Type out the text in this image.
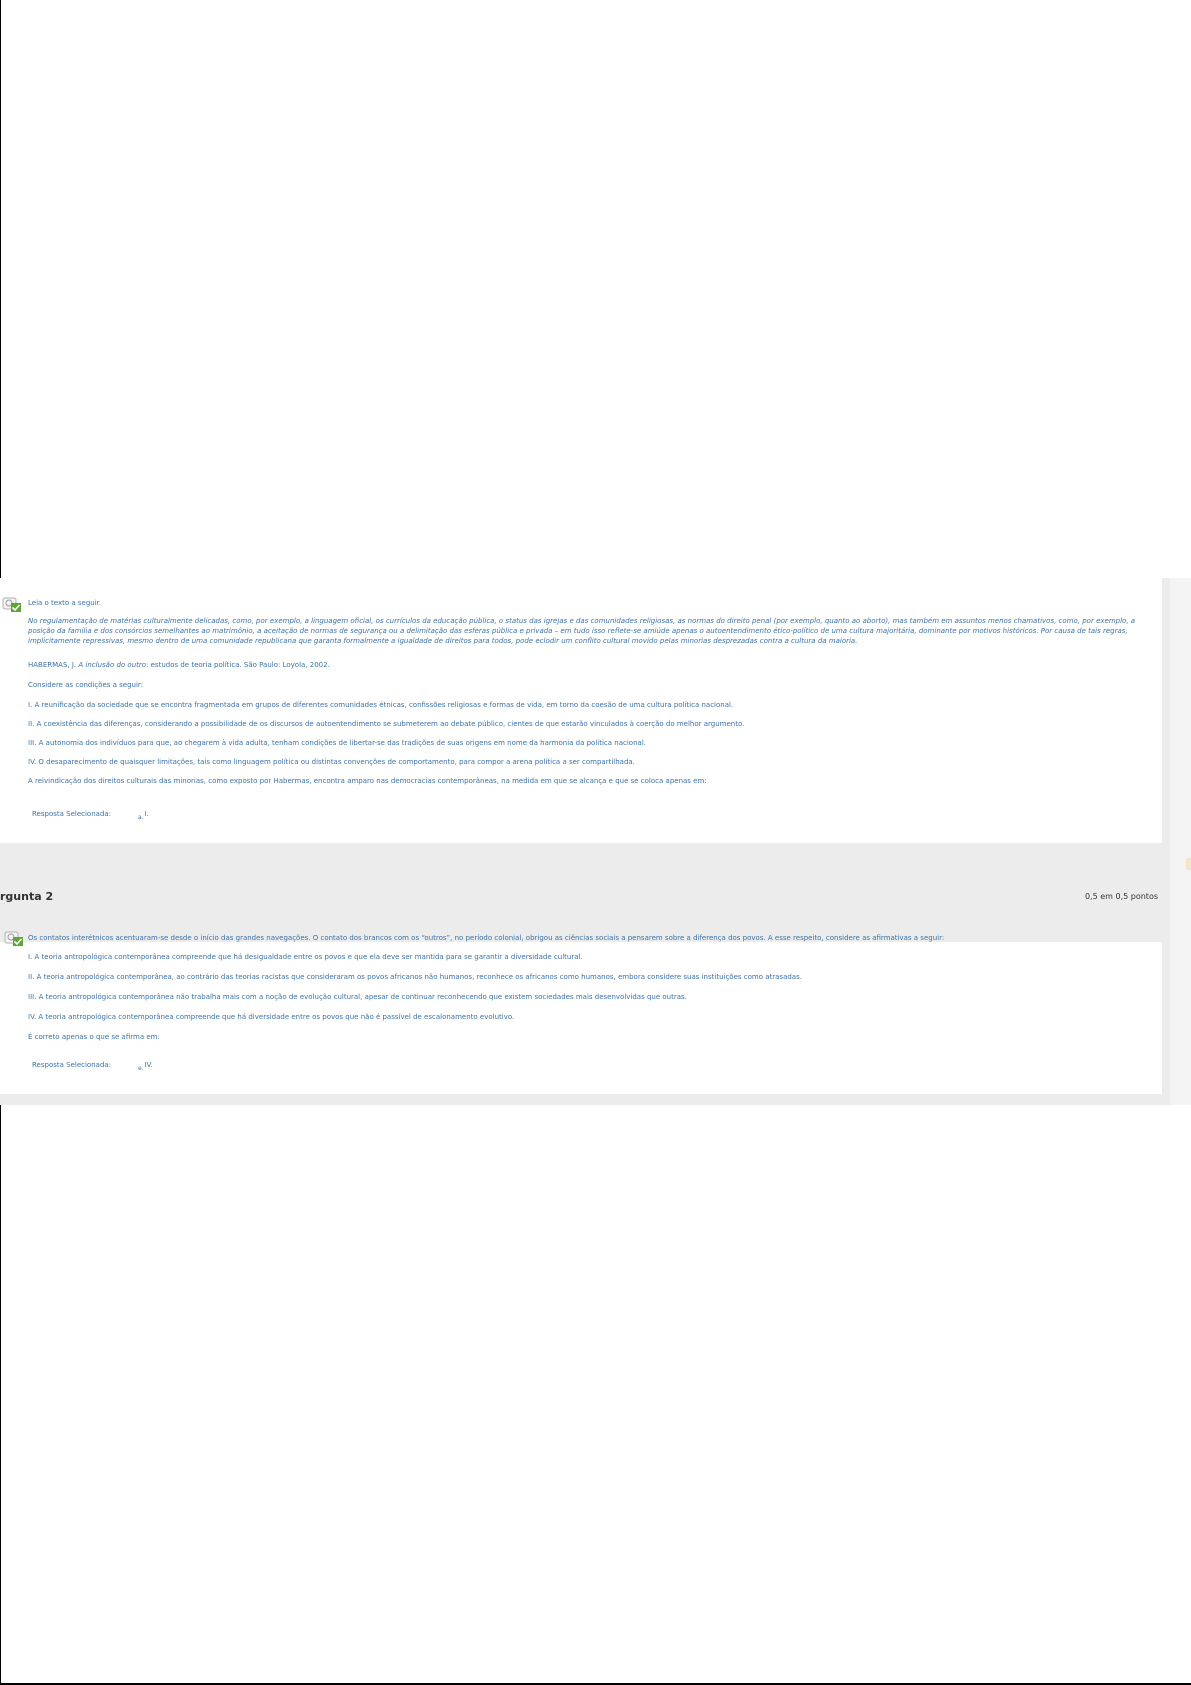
Leia o texto a seguir.

No regulamentação de matérias culturalmente delicadas, como, por exemplo, a linguagem oficial, os currículos da educação pública, o status das igrejas e das comunidades religiosas, as normas do direito penal (por exemplo, quanto ao aborto), mas também em assuntos menos chamativos, como, por exemplo, a posição da família e dos consórcios semelhantes ao matrimônio, a aceitação de normas de segurança ou a delimitação das esferas pública e privada – em tudo isso reflete-se amiúde apenas o autoentendimento ético-político de uma cultura majoritária, dominante por motivos históricos. Por causa de tais regras, implicitamente repressivas, mesmo dentro de uma comunidade republicana que garanta formalmente a igualdade de direitos para todos, pode eclodir um conflito cultural movido pelas minorias desprezadas contra a cultura da maioria.

HABERMAS, J. A inclusão do outro: estudos de teoria política. São Paulo: Loyola, 2002.

Considere as condições a seguir:

I. A reunificação da sociedade que se encontra fragmentada em grupos de diferentes comunidades étnicas, confissões religiosas e formas de vida, em torno da coesão de uma cultura política nacional.

II. A coexistência das diferenças, considerando a possibilidade de os discursos de autoentendimento se submeterem ao debate público, cientes de que estarão vinculados à coerção do melhor argumento.

III. A autonomia dos indivíduos para que, ao chegarem à vida adulta, tenham condições de libertar-se das tradições de suas origens em nome da harmonia da política nacional.

IV. O desaparecimento de quaisquer limitações, tais como linguagem política ou distintas convenções de comportamento, para compor a arena política a ser compartilhada.

A reivindicação dos direitos culturais das minorias, como exposto por Habermas, encontra amparo nas democracias contemporâneas, na medida em que se alcança e que se coloca apenas em:

Resposta Selecionada:	a.I.
rgunta 2	0,5 em 0,5 pontos

Os contatos interétnicos acentuaram-se desde o início das grandes navegações. O contato dos brancos com os “outros”, no período colonial, obrigou as ciências sociais a pensarem sobre a diferença dos povos. A esse respeito, considere as afirmativas a seguir:

I. A teoria antropológica contemporânea compreende que há desigualdade entre os povos e que ela deve ser mantida para se garantir a diversidade cultural.

II. A teoria antropológica contemporânea, ao contrário das teorias racistas que consideraram os povos africanos não humanos, reconhece os africanos como humanos, embora considere suas instituições como atrasadas.

III. A teoria antropológica contemporânea não trabalha mais com a noção de evolução cultural, apesar de continuar reconhecendo que existem sociedades mais desenvolvidas que outras.

IV. A teoria antropológica contemporânea compreende que há diversidade entre os povos que não é passível de escalonamento evolutivo.

É correto apenas o que se afirma em:

Resposta Selecionada:	e.IV.
